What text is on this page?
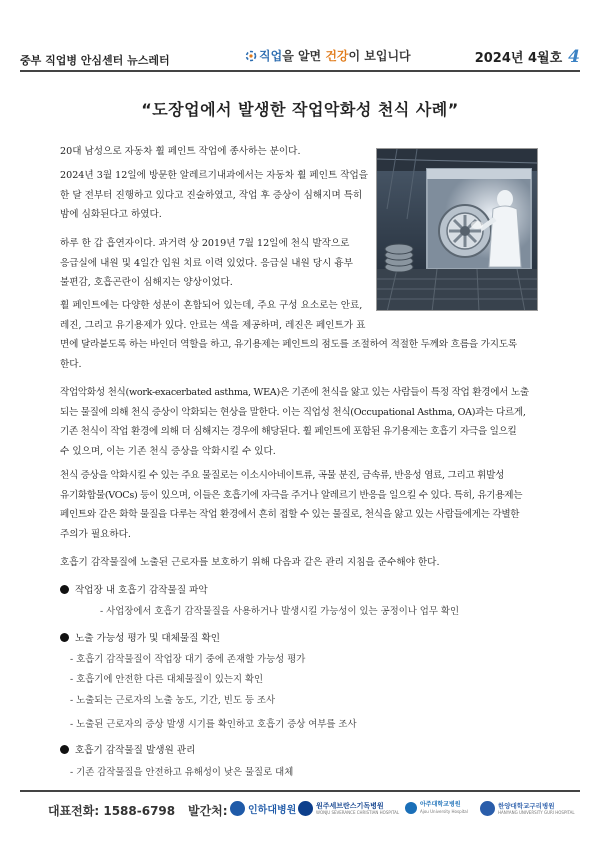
중부 직업병 안심센터 뉴스레터	직업을 알면 건강이 보입니다	2024년 4월호 4
“도장업에서 발생한 작업악화성 천식 사례”

20대 남성으로 자동차 휠 페인트 작업에 종사하는 분이다.

2024년 3월 12일에 방문한 알레르기내과에서는 자동차 휠 페인트 작업을

한 달 전부터 진행하고 있다고 진술하였고, 작업 후 증상이 심해지며 특히

밤에 심화된다고 하였다.

하루 한 갑 흡연자이다. 과거력 상 2019년 7월 12일에 천식 발작으로

응급실에 내원 및 4일간 입원 치료 이력 있었다. 응급실 내원 당시 흉부

불편감, 호흡곤란이 심해지는 양상이었다.

휠 페인트에는 다양한 성분이 혼합되어 있는데, 주요 구성 요소로는 안료,

레진, 그리고 유기용제가 있다. 안료는 색을 제공하며, 레진은 페인트가 표

면에 달라붙도록 하는 바인더 역할을 하고, 유기용제는 페인트의 점도를 조절하여 적절한 두께와 흐름을 가지도록

한다.

작업악화성 천식(work-exacerbated asthma, WEA)은 기존에 천식을 앓고 있는 사람들이 특정 작업 환경에서 노출

되는 물질에 의해 천식 증상이 악화되는 현상을 말한다. 이는 직업성 천식(Occupational Asthma, OA)과는 다르게,

기존 천식이 작업 환경에 의해 더 심해지는 경우에 해당된다. 휠 페인트에 포함된 유기용제는 호흡기 자극을 일으킬

수 있으며, 이는 기존 천식 증상을 악화시킬 수 있다.

천식 증상을 악화시킬 수 있는 주요 물질로는 이소시아네이트류, 곡물 분진, 금속류, 반응성 염료, 그리고 휘발성

유기화합물(VOCs) 등이 있으며, 이들은 호흡기에 자극을 주거나 알레르기 반응을 일으킬 수 있다. 특히, 유기용제는

페인트와 같은 화학 물질을 다루는 작업 환경에서 흔히 접할 수 있는 물질로, 천식을 앓고 있는 사람들에게는 각별한

주의가 필요하다.

호흡기 감작물질에 노출된 근로자를 보호하기 위해 다음과 같은 관리 지침을 준수해야 한다.

작업장 내 호흡기 감작물질 파악
- 사업장에서 호흡기 감작물질을 사용하거나 발생시킬 가능성이 있는 공정이나 업무 확인
노출 가능성 평가 및 대체물질 확인
- 호흡기 감작물질이 작업장 대기 중에 존재할 가능성 평가
- 호흡기에 안전한 다른 대체물질이 있는지 확인
- 노출되는 근로자의 노출 농도, 기간, 빈도 등 조사
- 노출된 근로자의 증상 발생 시기를 확인하고 호흡기 증상 여부를 조사
호흡기 감작물질 발생원 관리
- 기존 감작물질을 안전하고 유해성이 낮은 물질로 대체
대표전화: 1588-6798 발간처: 인하대병원	원주세브란스기독병원
WONJU SEVERANCE CHRISTIAN HOSPITAL
아주대학교병원
Ajou University Hospital
한양대학교구리병원
HANYANG UNIVERSITY GURI HOSPITAL
